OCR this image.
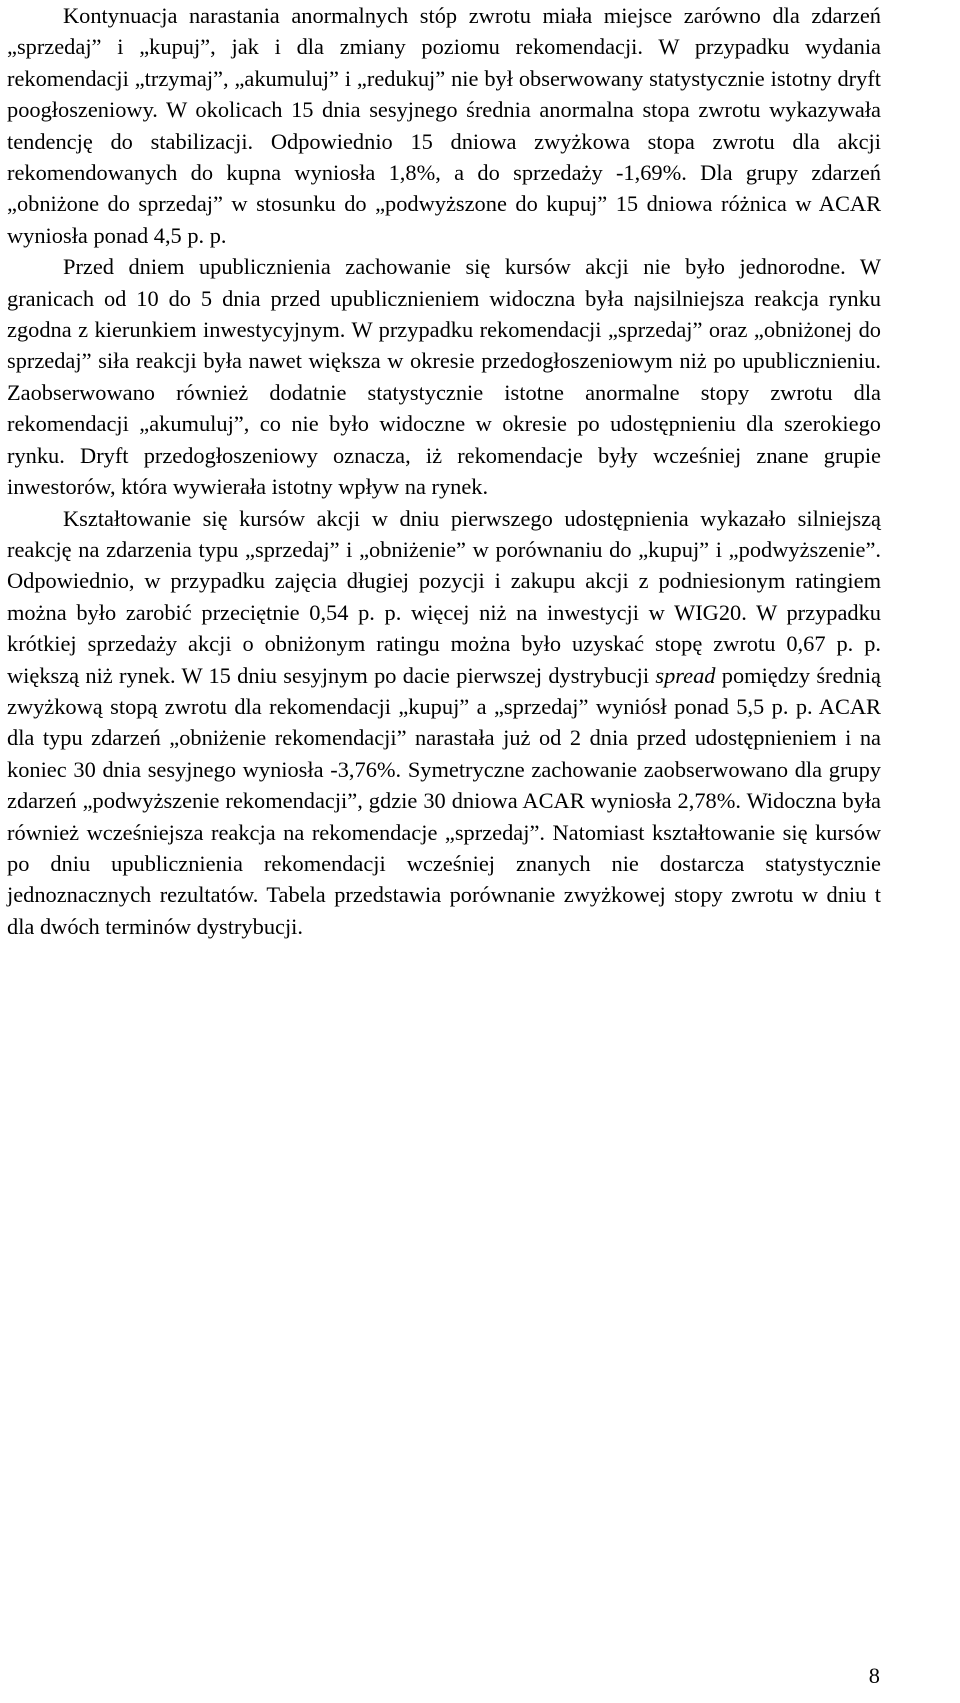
Kontynuacja narastania anormalnych stóp zwrotu miała miejsce zarówno dla zdarzeń „sprzedaj” i „kupuj”, jak i dla zmiany poziomu rekomendacji. W przypadku wydania rekomendacji „trzymaj”, „akumuluj” i „redukuj” nie był obserwowany statystycznie istotny dryft poogłoszeniowy. W okolicach 15 dnia sesyjnego średnia anormalna stopa zwrotu wykazywała tendencję do stabilizacji. Odpowiednio 15 dniowa zwyżkowa stopa zwrotu dla akcji rekomendowanych do kupna wyniosła 1,8%, a do sprzedaży -1,69%. Dla grupy zdarzeń „obniżone do sprzedaj” w stosunku do „podwyższone do kupuj” 15 dniowa różnica w ACAR wyniosła ponad 4,5 p. p.

Przed dniem upublicznienia zachowanie się kursów akcji nie było jednorodne. W granicach od 10 do 5 dnia przed upublicznieniem widoczna była najsilniejsza reakcja rynku zgodna z kierunkiem inwestycyjnym. W przypadku rekomendacji „sprzedaj” oraz „obniżonej do sprzedaj” siła reakcji była nawet większa w okresie przedogłoszeniowym niż po upublicznieniu. Zaobserwowano również dodatnie statystycznie istotne anormalne stopy zwrotu dla rekomendacji „akumuluj”, co nie było widoczne w okresie po udostępnieniu dla szerokiego rynku. Dryft przedogłoszeniowy oznacza, iż rekomendacje były wcześniej znane grupie inwestorów, która wywierała istotny wpływ na rynek.

Kształtowanie się kursów akcji w dniu pierwszego udostępnienia wykazało silniejszą reakcję na zdarzenia typu „sprzedaj” i „obniżenie” w porównaniu do „kupuj” i „podwyższenie”. Odpowiednio, w przypadku zajęcia długiej pozycji i zakupu akcji z podniesionym ratingiem można było zarobić przeciętnie 0,54 p. p. więcej niż na inwestycji w WIG20. W przypadku krótkiej sprzedaży akcji o obniżonym ratingu można było uzyskać stopę zwrotu 0,67 p. p. większą niż rynek. W 15 dniu sesyjnym po dacie pierwszej dystrybucji spread pomiędzy średnią zwyżkową stopą zwrotu dla rekomendacji „kupuj” a „sprzedaj” wyniósł ponad 5,5 p. p. ACAR dla typu zdarzeń „obniżenie rekomendacji” narastała już od 2 dnia przed udostępnieniem i na koniec 30 dnia sesyjnego wyniosła -3,76%. Symetryczne zachowanie zaobserwowano dla grupy zdarzeń „podwyższenie rekomendacji”, gdzie 30 dniowa ACAR wyniosła 2,78%. Widoczna była również wcześniejsza reakcja na rekomendacje „sprzedaj”. Natomiast kształtowanie się kursów po dniu upublicznienia rekomendacji wcześniej znanych nie dostarcza statystycznie jednoznacznych rezultatów. Tabela przedstawia porównanie zwyżkowej stopy zwrotu w dniu t dla dwóch terminów dystrybucji.

8
